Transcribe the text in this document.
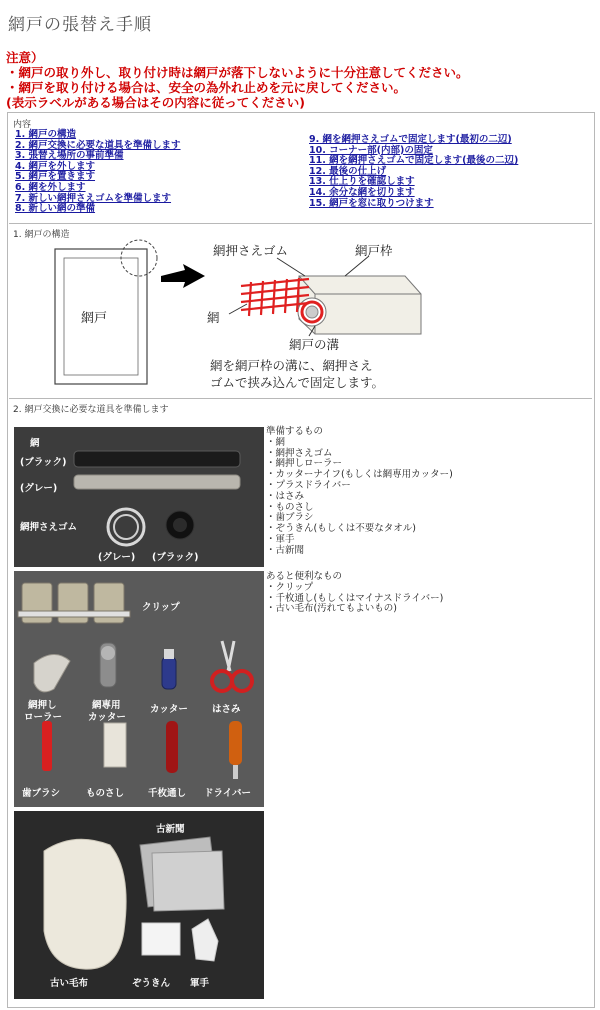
網戸の張替え手順
注意）
・網戸の取り外し、取り付け時は網戸が落下しないように十分注意してください。
・網戸を取り付ける場合は、安全の為外れ止めを元に戻してください。
(表示ラベルがある場合はその内容に従ってください)
内容
1. 網戸の構造
2. 網戸交換に必要な道具を準備します
3. 張替え場所の事前準備
4. 網戸を外します
5. 網戸を置きます
6. 網を外します
7. 新しい網押さえゴムを準備します
8. 新しい網の準備
9. 網を網押さえゴムで固定します(最初の二辺)
10. コーナー部(内部)の固定
11. 網を網押さえゴムで固定します(最後の二辺)
12. 最後の仕上げ
13. 仕上りを確認します
14. 余分な網を切ります
15. 網戸を窓に取りつけます
1. 網戸の構造
網戸
網押さえゴム	網戸枠
網
網戸の溝
網を網戸枠の溝に、網押さえ
ゴムで挟み込んで固定します。
2. 網戸交換に必要な道具を準備します
網
(ブラック)
(グレー)
網押さえゴム
(グレー) (ブラック)
クリップ
網押し
ローラー
網専用
カッター
カッター	はさみ
歯ブラシ	ものさし	千枚通し ドライバー
古新聞
古い毛布	ぞうきん 軍手
準備するもの
・網
・網押さえゴム
・網押しローラー
・カッターナイフ(もしくは網専用カッター)
・プラスドライバー
・はさみ
・ものさし
・歯ブラシ
・ぞうきん(もしくは不要なタオル)
・軍手
・古新聞
あると便利なもの
・クリップ
・千枚通し(もしくはマイナスドライバー)
・古い毛布(汚れてもよいもの)
